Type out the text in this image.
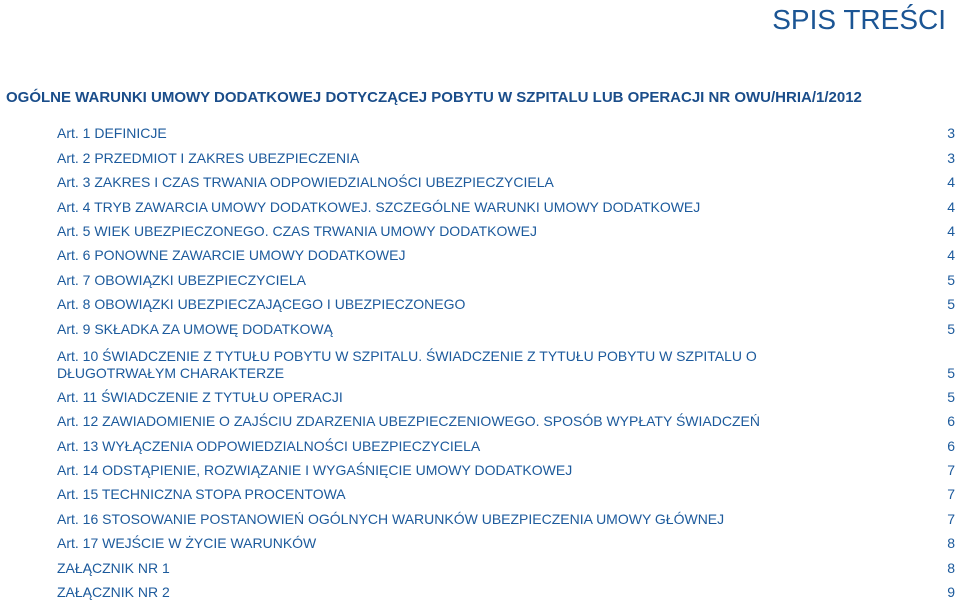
SPIS TREŚCI
OGÓLNE WARUNKI UMOWY DODATKOWEJ DOTYCZĄCEJ POBYTU W SZPITALU LUB OPERACJI NR OWU/HRIA/1/2012
Art. 1 DEFINICJE	3
Art. 2 PRZEDMIOT I ZAKRES UBEZPIECZENIA	3
Art. 3 ZAKRES I CZAS TRWANIA ODPOWIEDZIALNOŚCI UBEZPIECZYCIELA	4
Art. 4 TRYB ZAWARCIA UMOWY DODATKOWEJ. SZCZEGÓLNE WARUNKI UMOWY DODATKOWEJ	4
Art. 5 WIEK UBEZPIECZONEGO. CZAS TRWANIA UMOWY DODATKOWEJ	4
Art. 6 PONOWNE ZAWARCIE UMOWY DODATKOWEJ	4
Art. 7 OBOWIĄZKI UBEZPIECZYCIELA	5
Art. 8 OBOWIĄZKI UBEZPIECZAJĄCEGO I UBEZPIECZONEGO	5
Art. 9 SKŁADKA ZA UMOWĘ DODATKOWĄ	5
Art. 10 ŚWIADCZENIE Z TYTUŁU POBYTU W SZPITALU. ŚWIADCZENIE Z TYTUŁU POBYTU W SZPITALU O DŁUGOTRWAŁYM CHARAKTERZE	5
Art. 11 ŚWIADCZENIE Z TYTUŁU OPERACJI	5
Art. 12 ZAWIADOMIENIE O ZAJŚCIU ZDARZENIA UBEZPIECZENIOWEGO. SPOSÓB WYPŁATY ŚWIADCZEŃ	6
Art. 13 WYŁĄCZENIA ODPOWIEDZIALNOŚCI UBEZPIECZYCIELA	6
Art. 14 ODSTĄPIENIE, ROZWIĄZANIE I WYGAŚNIĘCIE UMOWY DODATKOWEJ	7
Art. 15 TECHNICZNA STOPA PROCENTOWA	7
Art. 16 STOSOWANIE POSTANOWIEŃ OGÓLNYCH WARUNKÓW UBEZPIECZENIA UMOWY GŁÓWNEJ	7
Art. 17 WEJŚCIE W ŻYCIE WARUNKÓW	8
ZAŁĄCZNIK NR 1	8
ZAŁĄCZNIK NR 2	9
